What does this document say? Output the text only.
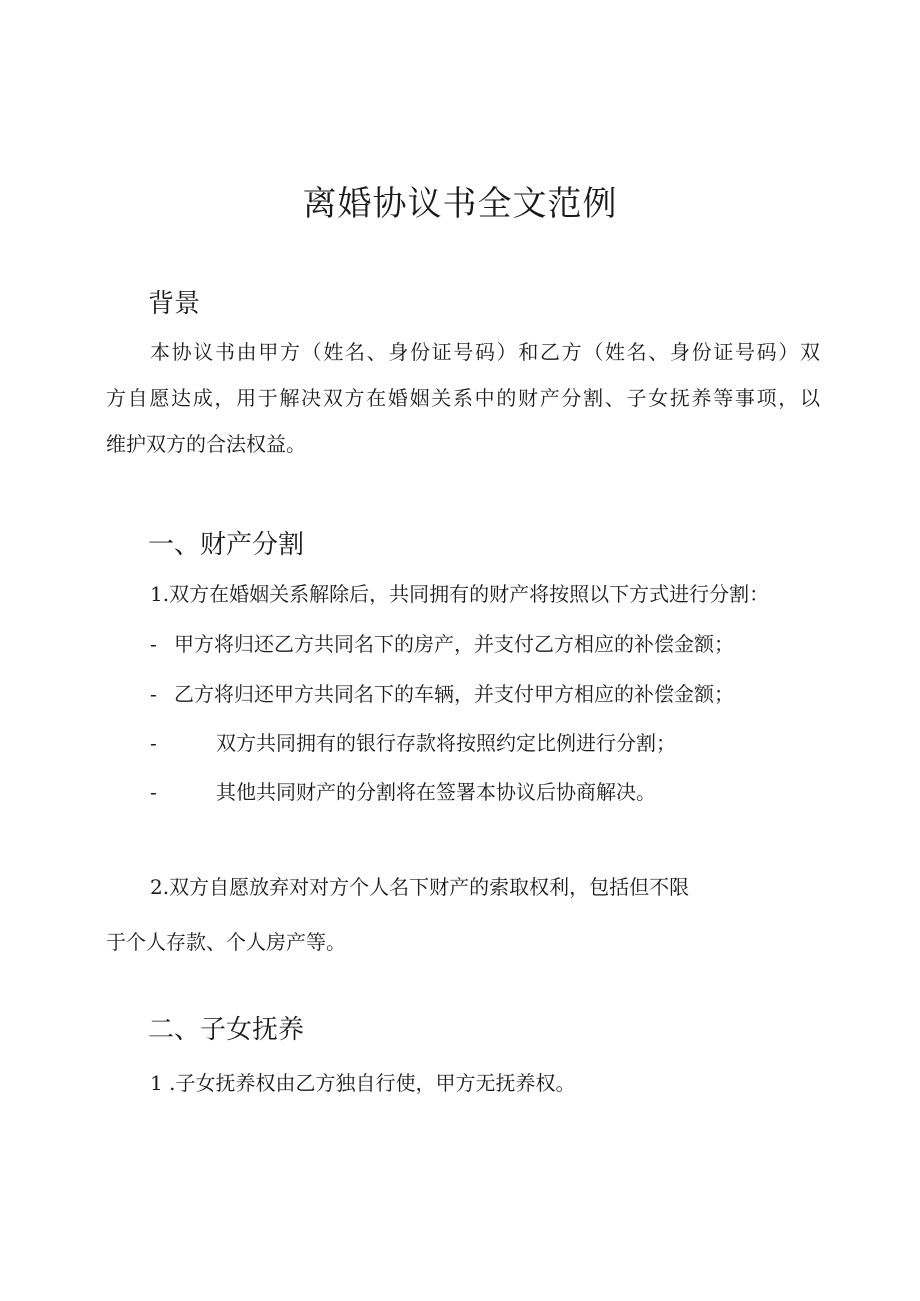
离婚协议书全文范例
背景
本协议书由甲方（姓名、身份证号码）和乙方（姓名、身份证号码）双
方自愿达成，用于解决双方在婚姻关系中的财产分割、子女抚养等事项，以
维护双方的合法权益。
一、财产分割
1.双方在婚姻关系解除后，共同拥有的财产将按照以下方式进行分割：
- 甲方将归还乙方共同名下的房产，并支付乙方相应的补偿金额；
- 乙方将归还甲方共同名下的车辆，并支付甲方相应的补偿金额；
-	双方共同拥有的银行存款将按照约定比例进行分割；
-	其他共同财产的分割将在签署本协议后协商解决。
2.双方自愿放弃对对方个人名下财产的索取权利，包括但不限
于个人存款、个人房产等。
二、子女抚养
1 .子女抚养权由乙方独自行使，甲方无抚养权。
